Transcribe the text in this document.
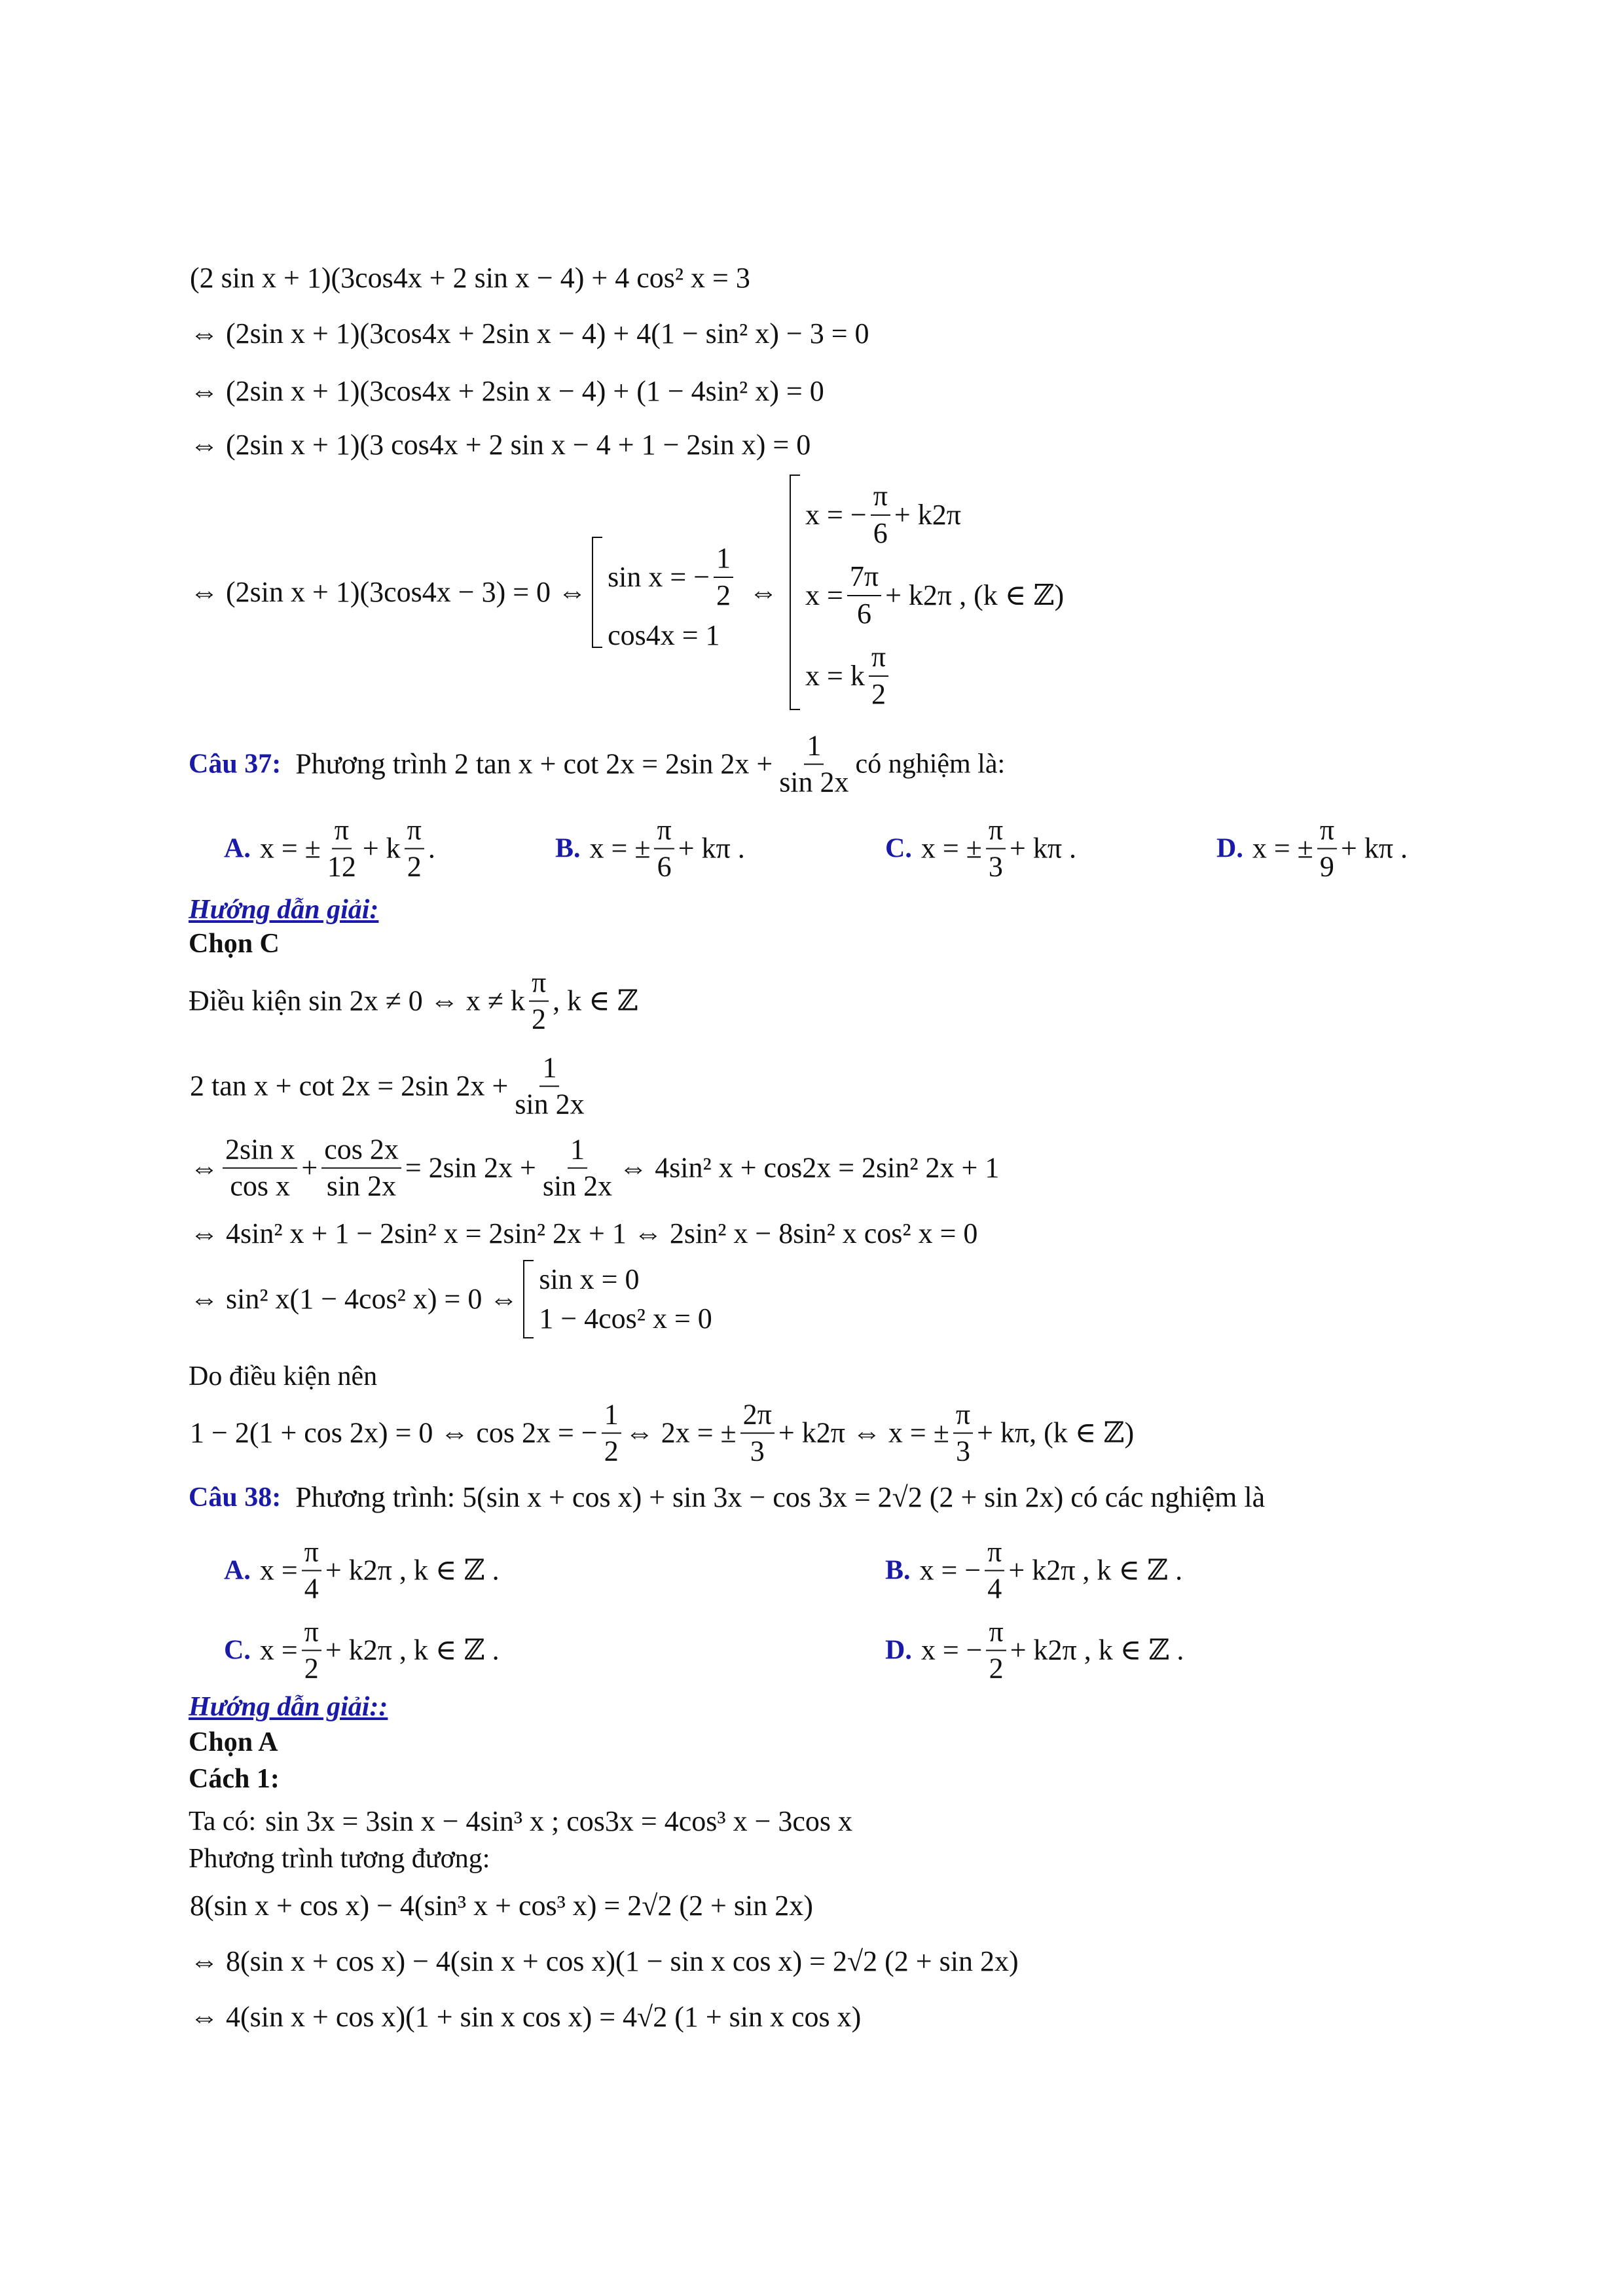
(2 sin x + 1)(3cos4x + 2 sin x − 4) + 4 cos² x = 3
⇔ (2sin x + 1)(3cos4x + 2sin x − 4) + 4(1 − sin² x) − 3 = 0
⇔ (2sin x + 1)(3cos4x + 2sin x − 4) + (1 − 4sin² x) = 0
⇔ (2sin x + 1)(3 cos4x + 2 sin x − 4 + 1 − 2sin x) = 0
⇔ (2sin x + 1)(3cos4x − 3) = 0 ⇔ sin x = − $\frac{1}{2}$
cos4x = 1
⇔
x = − $\frac{\pi}{6} + k2\pi$
$x = \frac{7\pi}{6} + k2\pi$ , (k ∈ ℤ)
x = k $\frac{\pi}{2}$
Câu 37: Phương trình 2 tan x + cot 2x = 2sin $2x + \frac{1}{\sin 2x}$ có nghiệm là:
A. x = ± $\frac{\pi}{12} + k \frac{\pi}{2}$ .	B. x = ± $\frac{\pi}{6} + k\pi$ .	C. x = ± $\frac{\pi}{3} + k\pi$ .	D. x = ± $\frac{\pi}{9} + k\pi$ .
Hướng dẫn giải:
Chọn C
Điều kiện sin 2x ≠ 0 ⇔ x ≠ k $\frac{\pi}{2}$ , k ∈ ℤ
2 tan x + cot 2x = 2sin $2x + \frac{1}{\sin 2x}$
⇔ $\frac{\text{2sin x}}{\text{cos x}} + \frac{\cos 2x}{\sin 2x} = 2\sin$ $2x + \frac{1}{\sin 2x}$ ⇔ 4sin² x + cos2x = 2sin² 2x + 1
⇔ 4sin² x + 1 − 2sin² x = 2sin² 2x + 1 ⇔ 2sin² x − 8sin² x cos² x = 0
⇔ sin² x(1 − 4cos² x) = 0 ⇔
sin x = 0
1 − 4cos² x = 0
Do điều kiện nên
1 − 2(1 + cos 2x) = 0 ⇔ cos 2x = − $\frac{1}{2}$ ⇔ 2x = ± $\frac{2\pi}{3} + k2\pi$ ⇔ x = ± $\frac{\pi}{3} + k\pi$, (k ∈ ℤ)
Câu 38: Phương trình: 5(sin x + cos x) + sin 3x − cos 3x = 2√2 (2 + sin 2x) có các nghiệm là
A. $x = \frac{\pi}{4} + k2\pi$ , k ∈ ℤ .	B. x = − $\frac{\pi}{4} + k2\pi$ , k ∈ ℤ .
C. $x = \frac{\pi}{2} + k2\pi$ , k ∈ ℤ .	D. x = − $\frac{\pi}{2} + k2\pi$ , k ∈ ℤ .
Hướng dẫn giải::
Chọn A
Cách 1:
Ta có: sin 3x = 3sin x − 4sin³ x ; cos3x = 4cos³ x − 3cos x
Phương trình tương đương:
8(sin x + cos x) − 4(sin³ x + cos³ x) = 2√2 (2 + sin 2x)
⇔ 8(sin x + cos x) − 4(sin x + cos x)(1 − sin x cos x) = 2√2 (2 + sin 2x)
⇔ 4(sin x + cos x)(1 + sin x cos x) = 4√2 (1 + sin x cos x)
